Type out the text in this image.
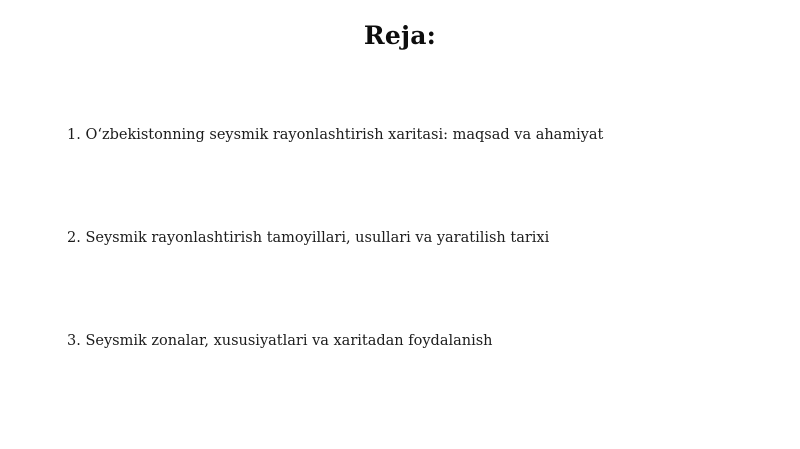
Reja:
1. O‘zbekistonning seysmik rayonlashtirish xaritasi: maqsad va ahamiyat
2. Seysmik rayonlashtirish tamoyillari, usullari va yaratilish tarixi
3. Seysmik zonalar, xususiyatlari va xaritadan foydalanish
